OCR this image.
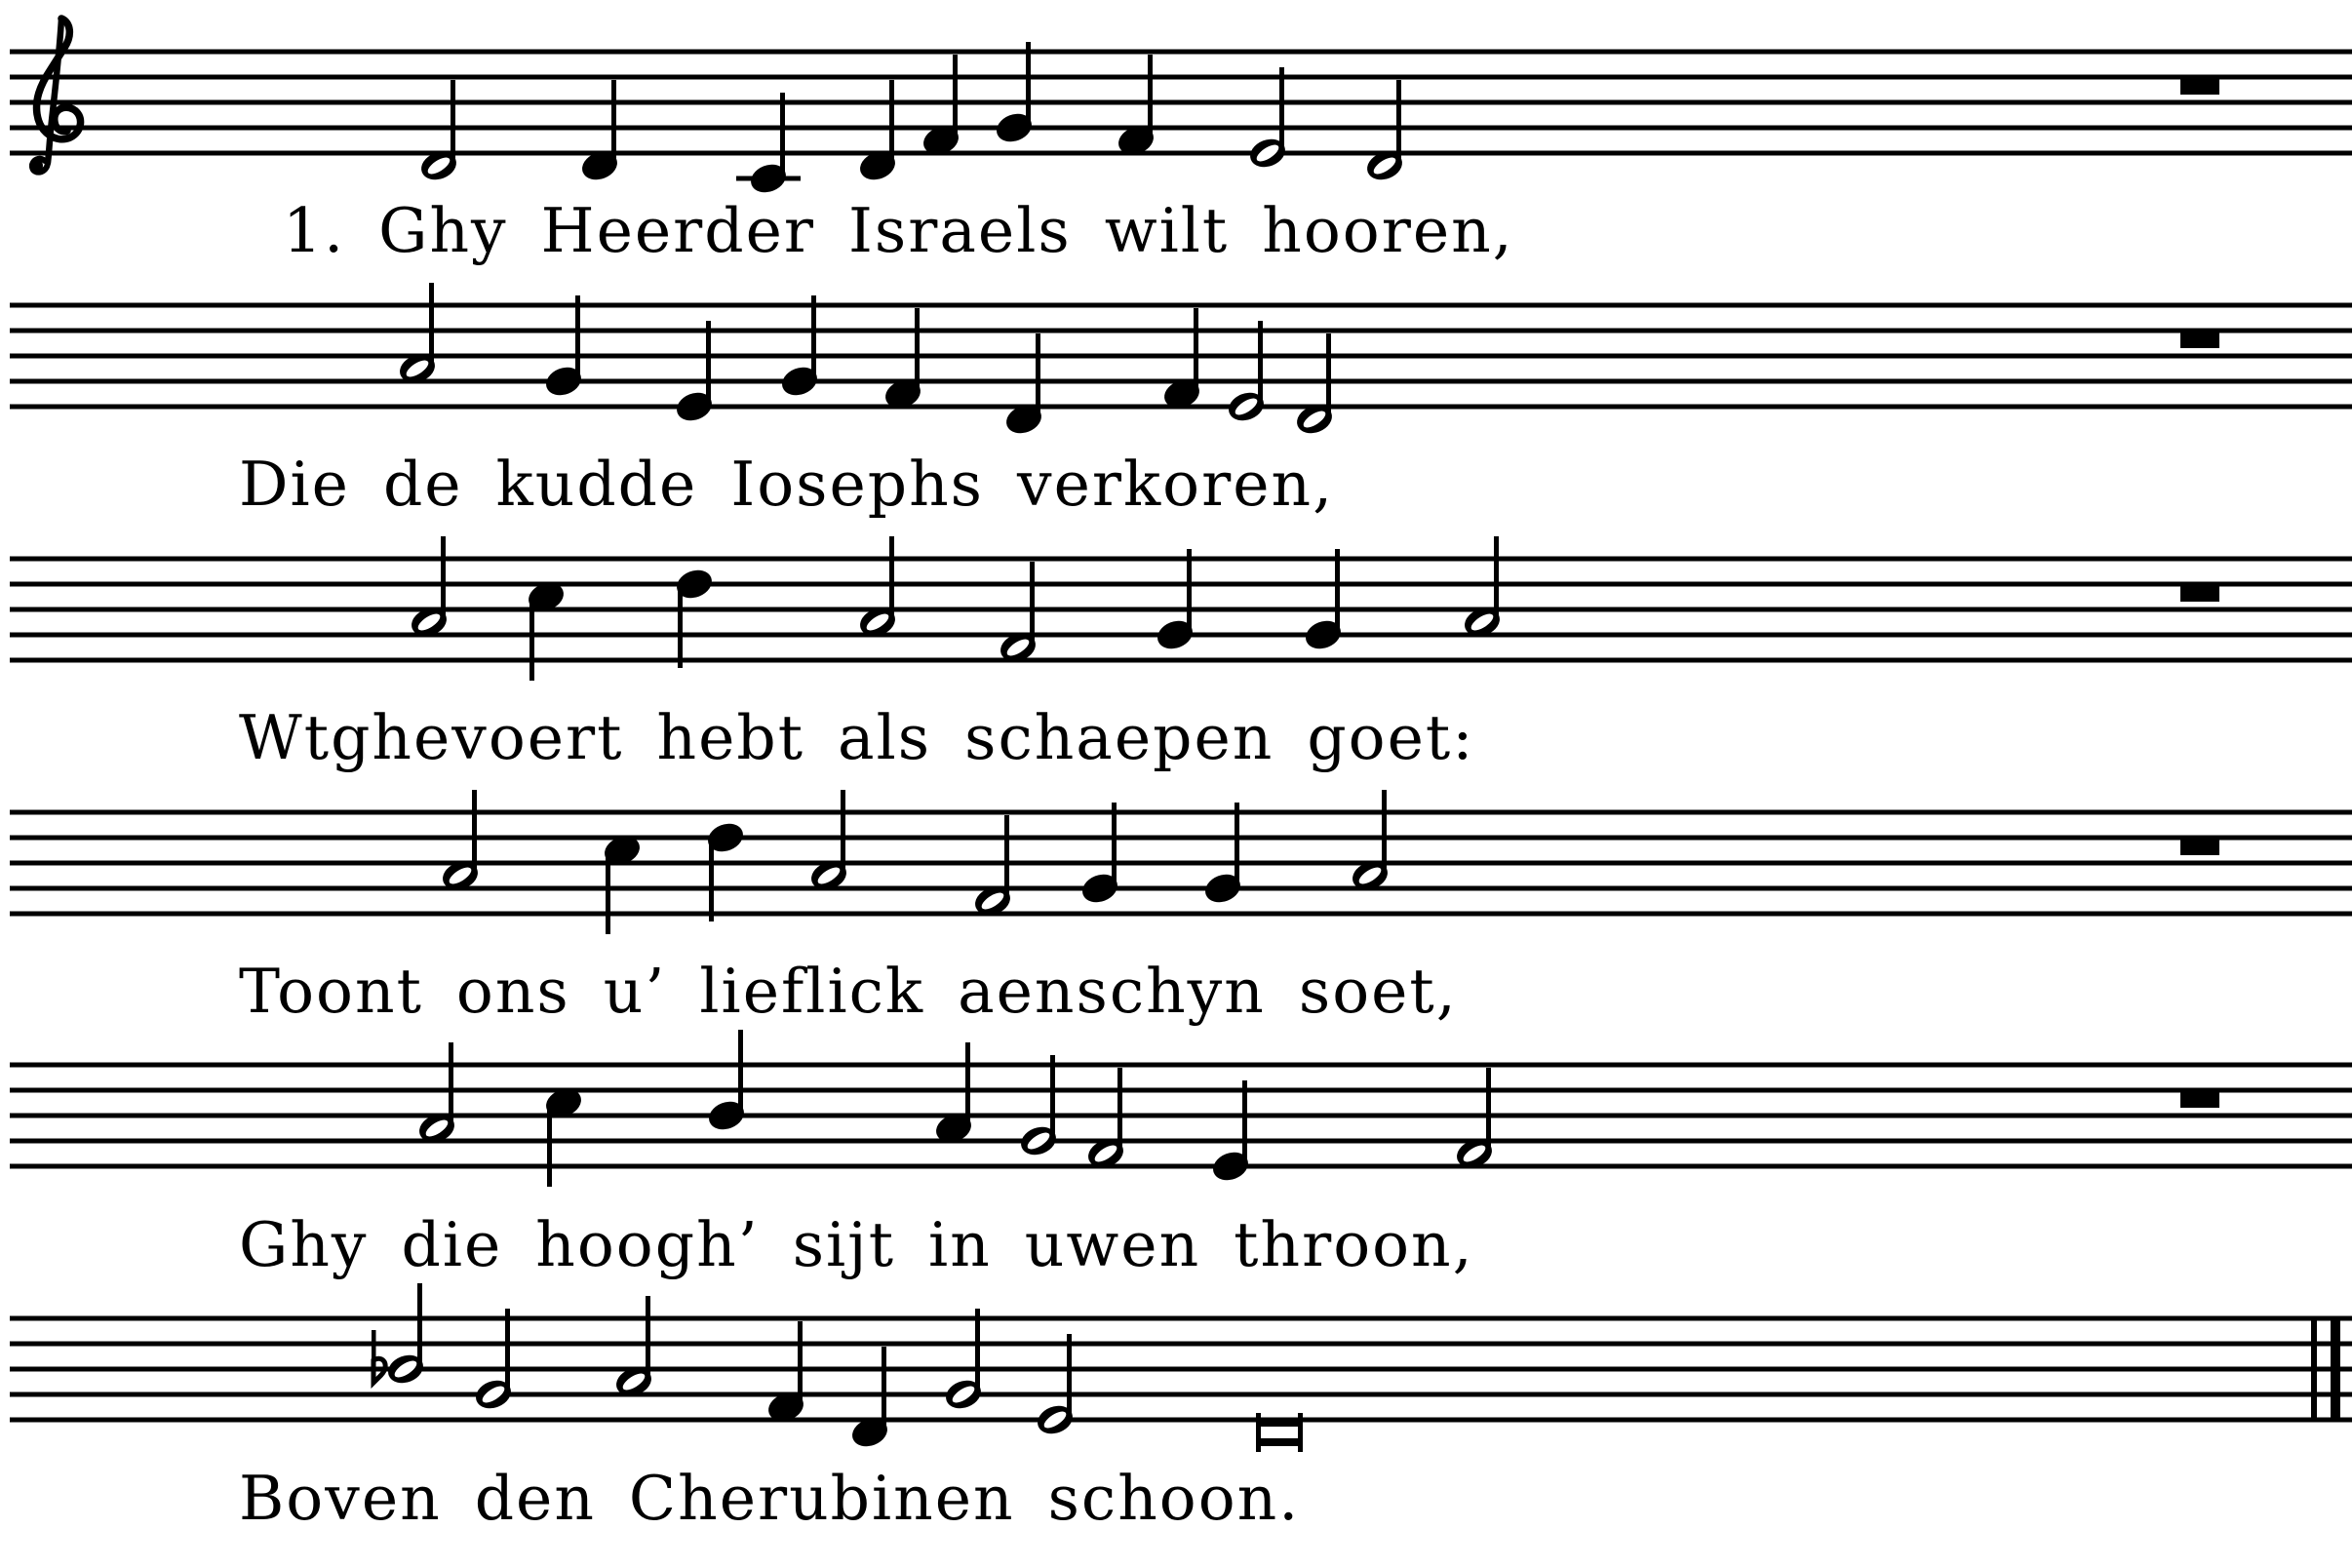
1. Ghy Heerder Israels wilt hooren,
Die de kudde Iosephs verkoren,
Wtghevoert hebt als schaepen goet:
Toont ons u’ lieflick aenschyn soet,
Ghy die hoogh’ sijt in uwen throon,
Boven den Cherubinen schoon.
